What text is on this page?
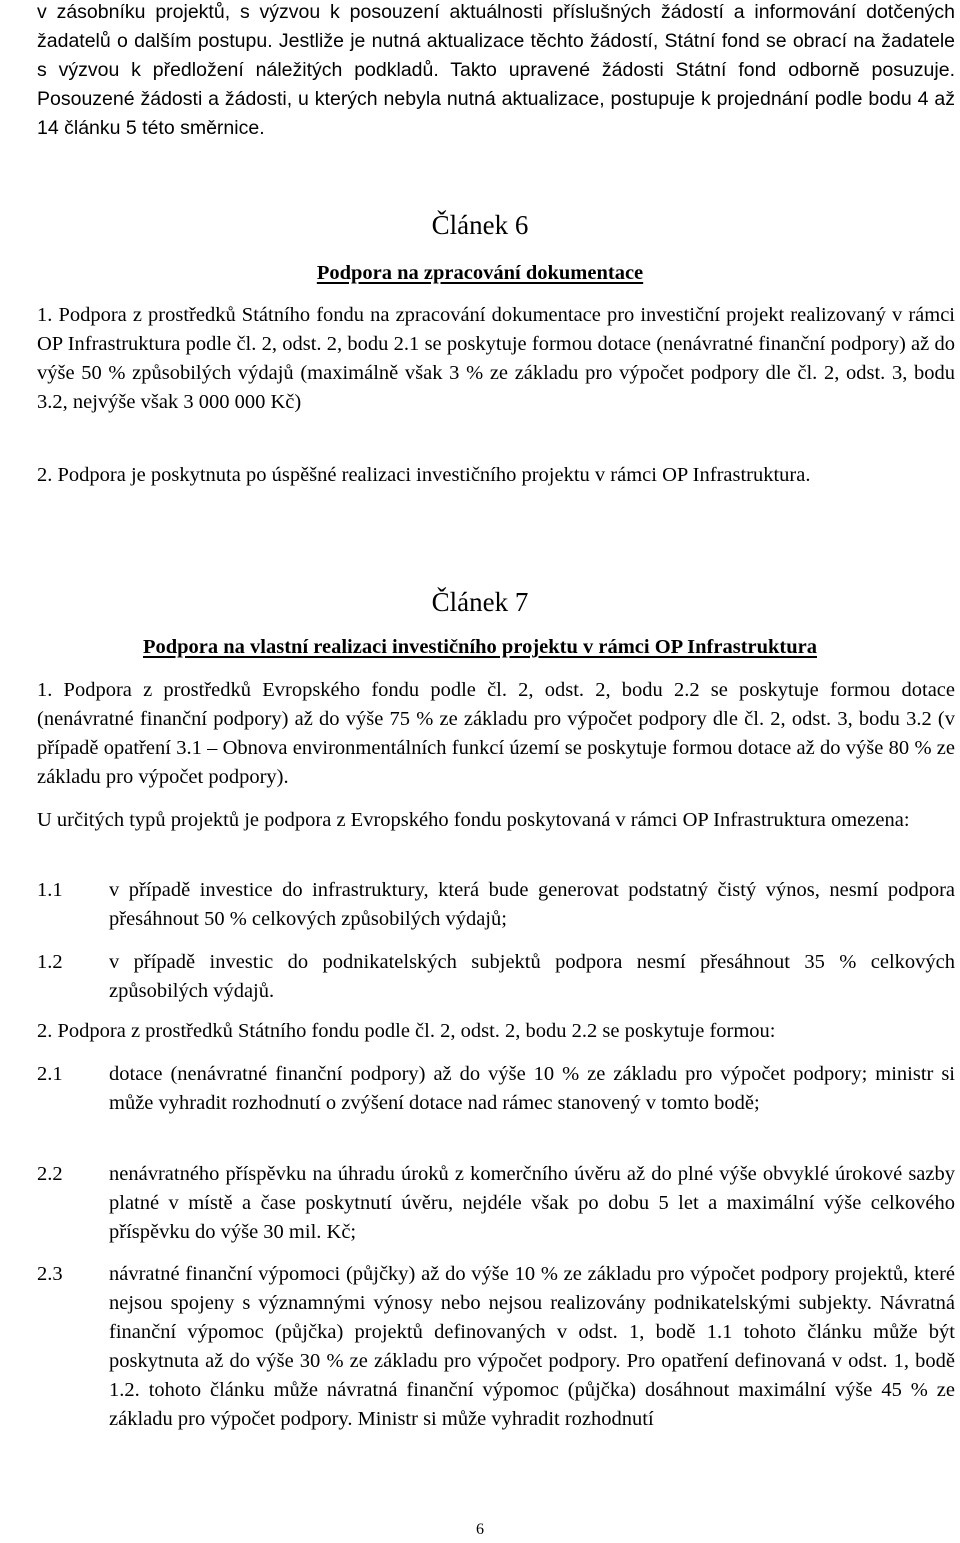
v zásobníku projektů, s výzvou k posouzení aktuálnosti příslušných žádostí a informování dotčených žadatelů o dalším postupu. Jestliže je nutná aktualizace těchto žádostí, Státní fond se obrací na žadatele s výzvou k předložení náležitých podkladů. Takto upravené žádosti Státní fond odborně posuzuje. Posouzené žádosti a žádosti, u kterých nebyla nutná aktualizace, postupuje k projednání podle bodu 4 až 14 článku 5 této směrnice.

Článek 6
Podpora na zpracování dokumentace

1. Podpora z prostředků Státního fondu na zpracování dokumentace pro investiční projekt realizovaný v rámci OP Infrastruktura podle čl. 2, odst. 2, bodu 2.1 se poskytuje formou dotace (nenávratné finanční podpory) až do výše 50 % způsobilých výdajů (maximálně však 3 % ze základu pro výpočet podpory dle čl. 2, odst. 3, bodu 3.2, nejvýše však 3 000 000 Kč)

2. Podpora je poskytnuta po úspěšné realizaci investičního projektu v rámci OP Infrastruktura.

Článek 7
Podpora na vlastní realizaci investičního projektu v rámci OP Infrastruktura

1. Podpora z prostředků Evropského fondu podle čl. 2, odst. 2, bodu 2.2 se poskytuje formou dotace (nenávratné finanční podpory) až do výše 75 % ze základu pro výpočet podpory dle čl. 2, odst. 3, bodu 3.2 (v případě opatření 3.1 – Obnova environmentálních funkcí území se poskytuje formou dotace až do výše 80 % ze základu pro výpočet podpory).

U určitých typů projektů je podpora z Evropského fondu poskytovaná v rámci OP Infrastruktura omezena:

1.1 v případě investice do infrastruktury, která bude generovat podstatný čistý výnos, nesmí podpora přesáhnout 50 % celkových způsobilých výdajů;
1.2 v případě investic do podnikatelských subjektů podpora nesmí přesáhnout 35 % celkových způsobilých výdajů.

2. Podpora z prostředků Státního fondu podle čl. 2, odst. 2, bodu 2.2 se poskytuje formou:

2.1 dotace (nenávratné finanční podpory) až do výše 10 % ze základu pro výpočet podpory; ministr si může vyhradit rozhodnutí o zvýšení dotace nad rámec stanovený v tomto bodě;
2.2 nenávratného příspěvku na úhradu úroků z komerčního úvěru až do plné výše obvyklé úrokové sazby platné v místě a čase poskytnutí úvěru, nejdéle však po dobu 5 let a maximální výše celkového příspěvku do výše 30 mil. Kč;
2.3 návratné finanční výpomoci (půjčky) až do výše 10 % ze základu pro výpočet podpory projektů, které nejsou spojeny s významnými výnosy nebo nejsou realizovány podnikatelskými subjekty. Návratná finanční výpomoc (půjčka) projektů definovaných v odst. 1, bodě 1.1 tohoto článku může být poskytnuta až do výše 30 % ze základu pro výpočet podpory. Pro opatření definovaná v odst. 1, bodě 1.2. tohoto článku může návratná finanční výpomoc (půjčka) dosáhnout maximální výše 45 % ze základu pro výpočet podpory. Ministr si může vyhradit rozhodnutí
6
